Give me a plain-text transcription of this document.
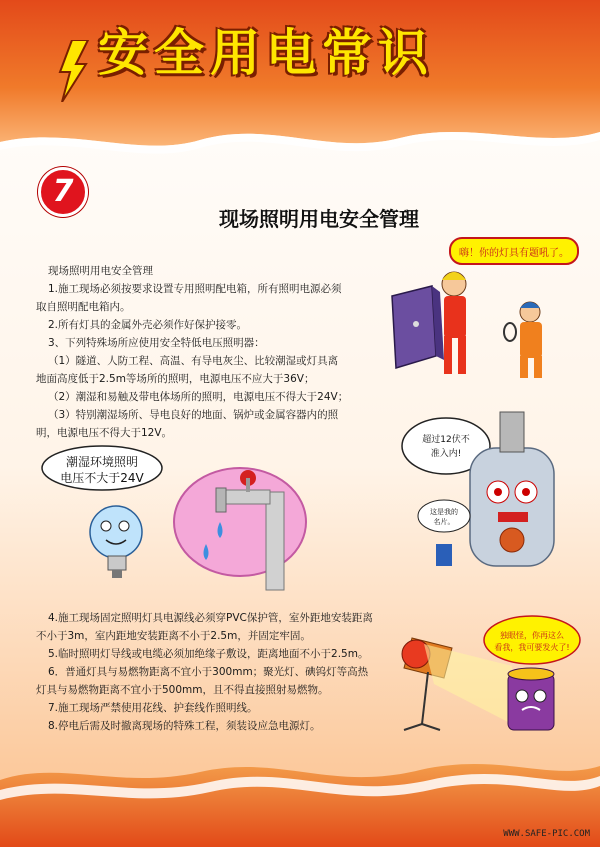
安全用电常识
7
现场照明用电安全管理

现场照明用电安全管理

1.施工现场必须按要求设置专用照明配电箱，所有照明电源必须

取自照明配电箱内。

2.所有灯具的金属外壳必须作好保护接零。

3、下列特殊场所应使用安全特低电压照明器：

（1）隧道、人防工程、高温、有导电灰尘、比较潮湿或灯具离

地面高度低于2.5m等场所的照明，电源电压不应大于36V；

（2）潮湿和易触及带电体场所的照明，电源电压不得大于24V；

（3）特别潮湿场所、导电良好的地面、锅炉或金属容器内的照

明，电源电压不得大于12V。

4.施工现场固定照明灯具电源线必须穿PVC保护管，室外距地安装距离

不小于3m，室内距地安装距离不小于2.5m，并固定牢固。

5.临时照明灯导线或电缆必须加绝缘子敷设，距离地面不小于2.5m。

6．普通灯具与易燃物距离不宜小于300mm；聚光灯、碘钨灯等高热

灯具与易燃物距离不宜小于500mm，且不得直接照射易燃物。

7.施工现场严禁使用花线、护套线作照明线。

8.停电后需及时撤离现场的特殊工程，须装设应急电源灯。

嗨！你的灯具有题吼了。
潮湿环境照明
电压不大于24V
超过12伏不
准入内!
这是我的
名片。
独眼怪，你再这么
看我，我可要发火了!
WWW.SAFE-PIC.COM
